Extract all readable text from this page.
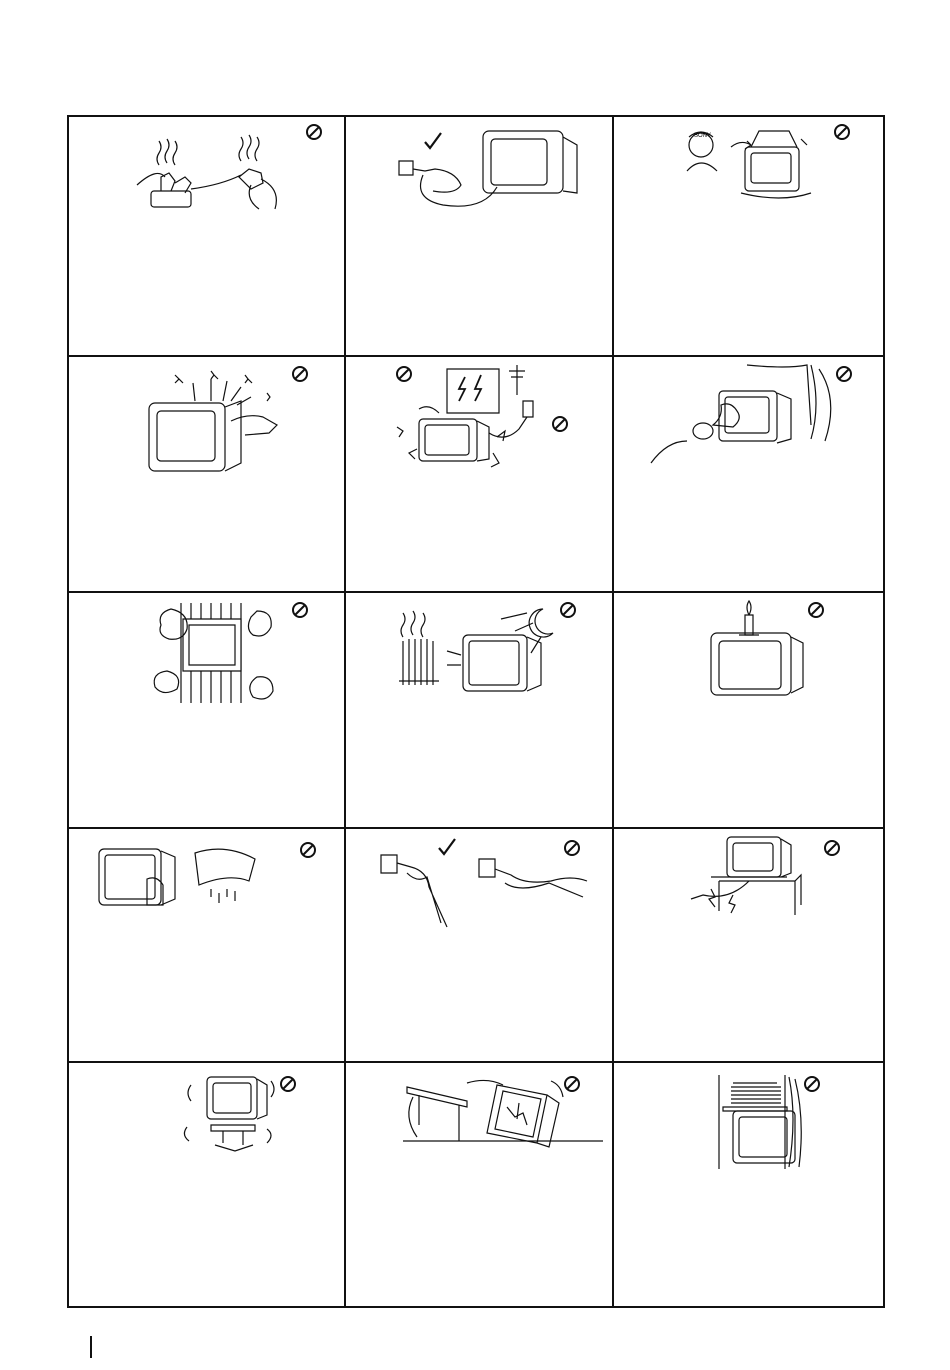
SONY
